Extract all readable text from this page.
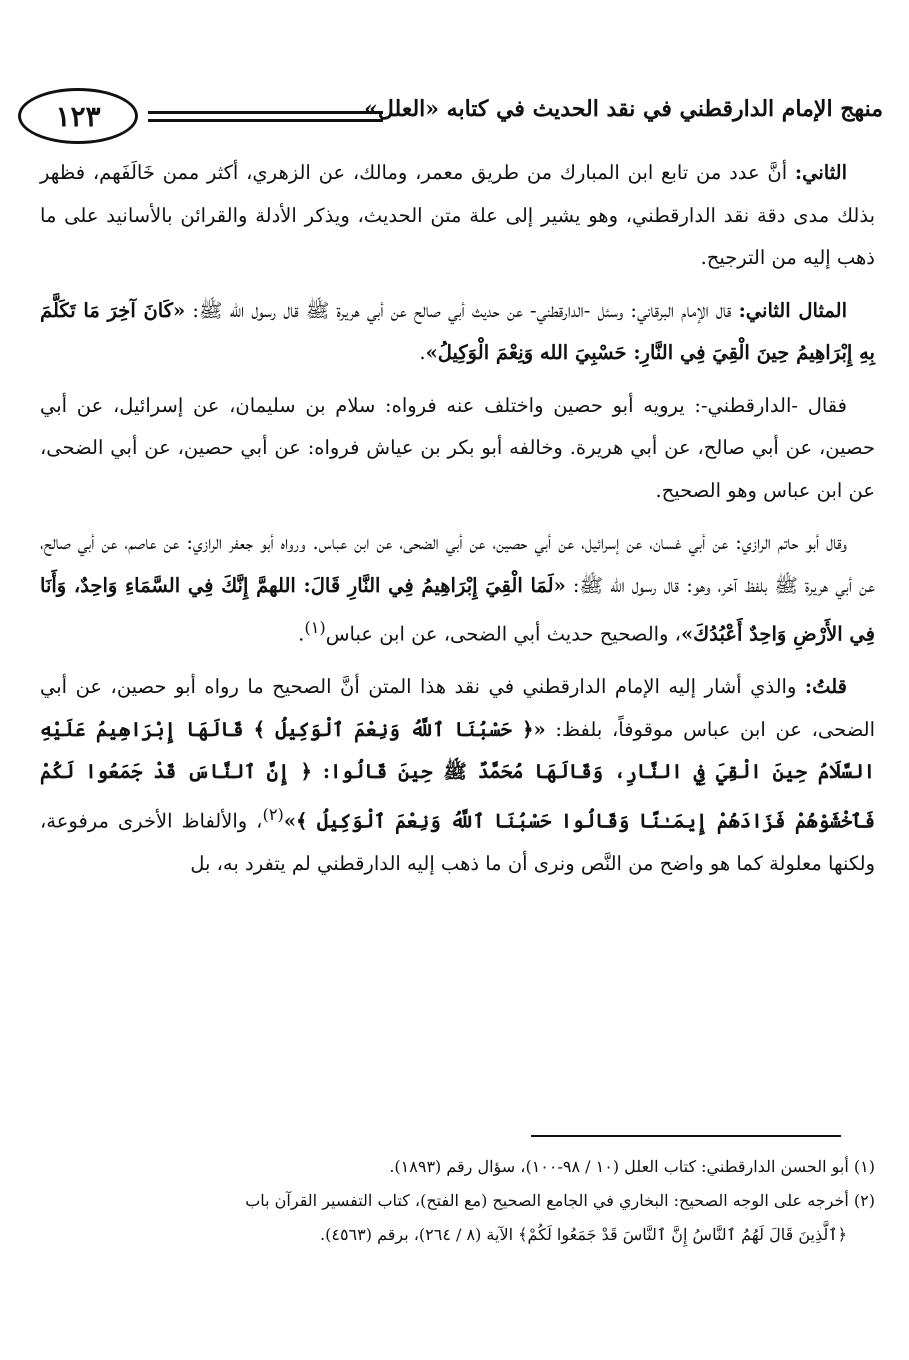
١٢٣	منهج الإمام الدارقطني في نقد الحديث في كتابه «العلل»

الثاني: أنَّ عدد من تابع ابن المبارك من طريق معمر، ومالك، عن الزهري، أكثر ممن خَالَفَهم، فظهر بذلك مدى دقة نقد الدارقطني، وهو يشير إلى علة متن الحديث، ويذكر الأدلة والقرائن بالأسانيد على ما ذهب إليه من الترجيح.

المثال الثاني: قال الإمام البرقاني: وسئل -الدارقطني- عن حديث أبي صالح عن أبي هريرة ﷺ قال رسول الله ﷺ: «كَانَ آخِرَ مَا تَكَلَّمَ بِهِ إِبْرَاهِيمُ حِينَ الْقِيَ فِي النَّارِ: حَسْبِيَ الله وَنِعْمَ الْوَكِيلُ».

فقال -الدارقطني-: يرويه أبو حصين واختلف عنه فرواه: سلام بن سليمان، عن إسرائيل، عن أبي حصين، عن أبي صالح، عن أبي هريرة. وخالفه أبو بكر بن عياش فرواه: عن أبي حصين، عن أبي الضحى، عن ابن عباس وهو الصحيح.

وقال أبو حاتم الرازي: عن أبي غسان، عن إسرائيل، عن أبي حصين، عن أبي الضحى، عن ابن عباس. ورواه أبو جعفر الرازي: عن عاصم، عن أبي صالح، عن أبي هريرة ﷺ بلفظ آخر، وهو: قال رسول الله ﷺ: «لَمَا الْقِيَ إِبْرَاهِيمُ فِي النَّارِ قَالَ: اللهمَّ إِنَّكَ فِي السَّمَاءِ وَاحِدٌ، وَأَنَا فِي الأَرْضِ وَاحِدٌ أَعْبُدُكَ»، والصحيح حديث أبي الضحى، عن ابن عباس$^{(١)}$.

قلتُ: والذي أشار إليه الإمام الدارقطني في نقد هذا المتن أنَّ الصحيح ما رواه أبو حصين، عن أبي الضحى، عن ابن عباس موقوفاً، بلفظ: «﴿ حَسْبُنَا ٱللَّهُ وَنِعْمَ ٱلْوَكِيلُ ﴾ قَالَهَا إِبْرَاهِيمُ عَلَيْهِ السَّلَامُ حِينَ الْقِيَ فِي النَّارِ، وَقَالَهَا مُحَمَّدٌ ﷺ حِينَ قَالُوا: ﴿ إِنَّ ٱلنَّاسَ قَدْ جَمَعُوا لَكُمْ فَٱخْشَوْهُمْ فَزَادَهُمْ إِيمَـٰنًا وَقَالُوا حَسْبُنَا ٱللَّهُ وَنِعْمَ ٱلْوَكِيلُ ﴾»$^{(٢)}$، والألفاظ الأخرى مرفوعة، ولكنها معلولة كما هو واضح من النَّص ونرى أن ما ذهب إليه الدارقطني لم يتفرد به، بل

(١) أبو الحسن الدارقطني: كتاب العلل (١٠ / ٩٨-١٠٠)، سؤال رقم (١٨٩٣).

(٢) أخرجه على الوجه الصحيح: البخاري في الجامع الصحيح (مع الفتح)، كتاب التفسير القرآن باب

﴿ٱلَّذِينَ قَالَ لَهُمُ ٱلنَّاسُ إِنَّ ٱلنَّاسَ قَدْ جَمَعُوا لَكُمْ﴾ الآية (٨ / ٢٦٤)، برقم (٤٥٦٣).
